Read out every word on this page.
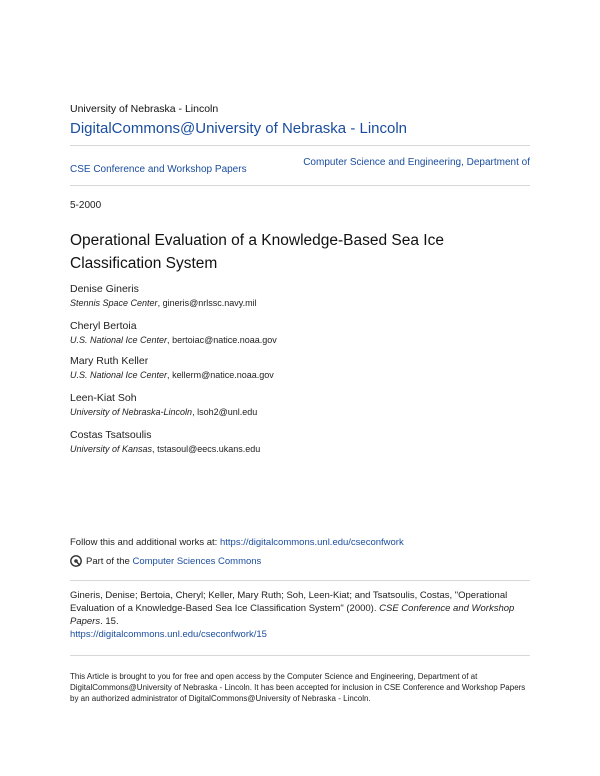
University of Nebraska - Lincoln
DigitalCommons@University of Nebraska - Lincoln
CSE Conference and Workshop Papers
Computer Science and Engineering, Department of
5-2000
Operational Evaluation of a Knowledge-Based Sea Ice Classification System

Denise Gineris

Stennis Space Center, gineris@nrlssc.navy.mil

Cheryl Bertoia

U.S. National Ice Center, bertoiac@natice.noaa.gov

Mary Ruth Keller

U.S. National Ice Center, kellerm@natice.noaa.gov

Leen-Kiat Soh

University of Nebraska-Lincoln, lsoh2@unl.edu

Costas Tsatsoulis

University of Kansas, tstasoul@eecs.ukans.edu

Follow this and additional works at: https://digitalcommons.unl.edu/cseconfwork
Part of the
Computer Sciences Commons
Gineris, Denise; Bertoia, Cheryl; Keller, Mary Ruth; Soh, Leen-Kiat; and Tsatsoulis, Costas, "Operational Evaluation of a Knowledge-Based Sea Ice Classification System" (2000). CSE Conference and Workshop Papers. 15.
https://digitalcommons.unl.edu/cseconfwork/15
This Article is brought to you for free and open access by the Computer Science and Engineering, Department of at DigitalCommons@University of Nebraska - Lincoln. It has been accepted for inclusion in CSE Conference and Workshop Papers by an authorized administrator of DigitalCommons@University of Nebraska - Lincoln.
